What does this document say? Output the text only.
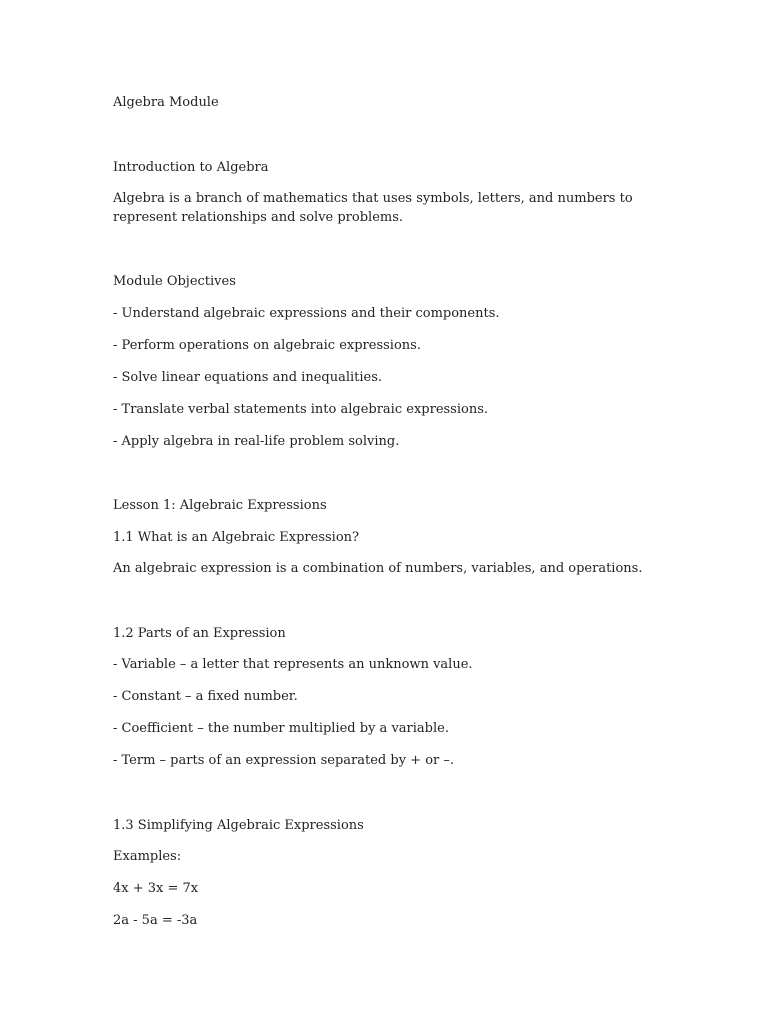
Algebra Module

Introduction to Algebra

Algebra is a branch of mathematics that uses symbols, letters, and numbers to represent relationships and solve problems.

Module Objectives

- Understand algebraic expressions and their components.

- Perform operations on algebraic expressions.

- Solve linear equations and inequalities.

- Translate verbal statements into algebraic expressions.

- Apply algebra in real-life problem solving.

Lesson 1: Algebraic Expressions

1.1 What is an Algebraic Expression?

An algebraic expression is a combination of numbers, variables, and operations.

1.2 Parts of an Expression

- Variable – a letter that represents an unknown value.

- Constant – a fixed number.

- Coefficient – the number multiplied by a variable.

- Term – parts of an expression separated by + or –.

1.3 Simplifying Algebraic Expressions

Examples:

4x + 3x = 7x

2a - 5a = -3a
